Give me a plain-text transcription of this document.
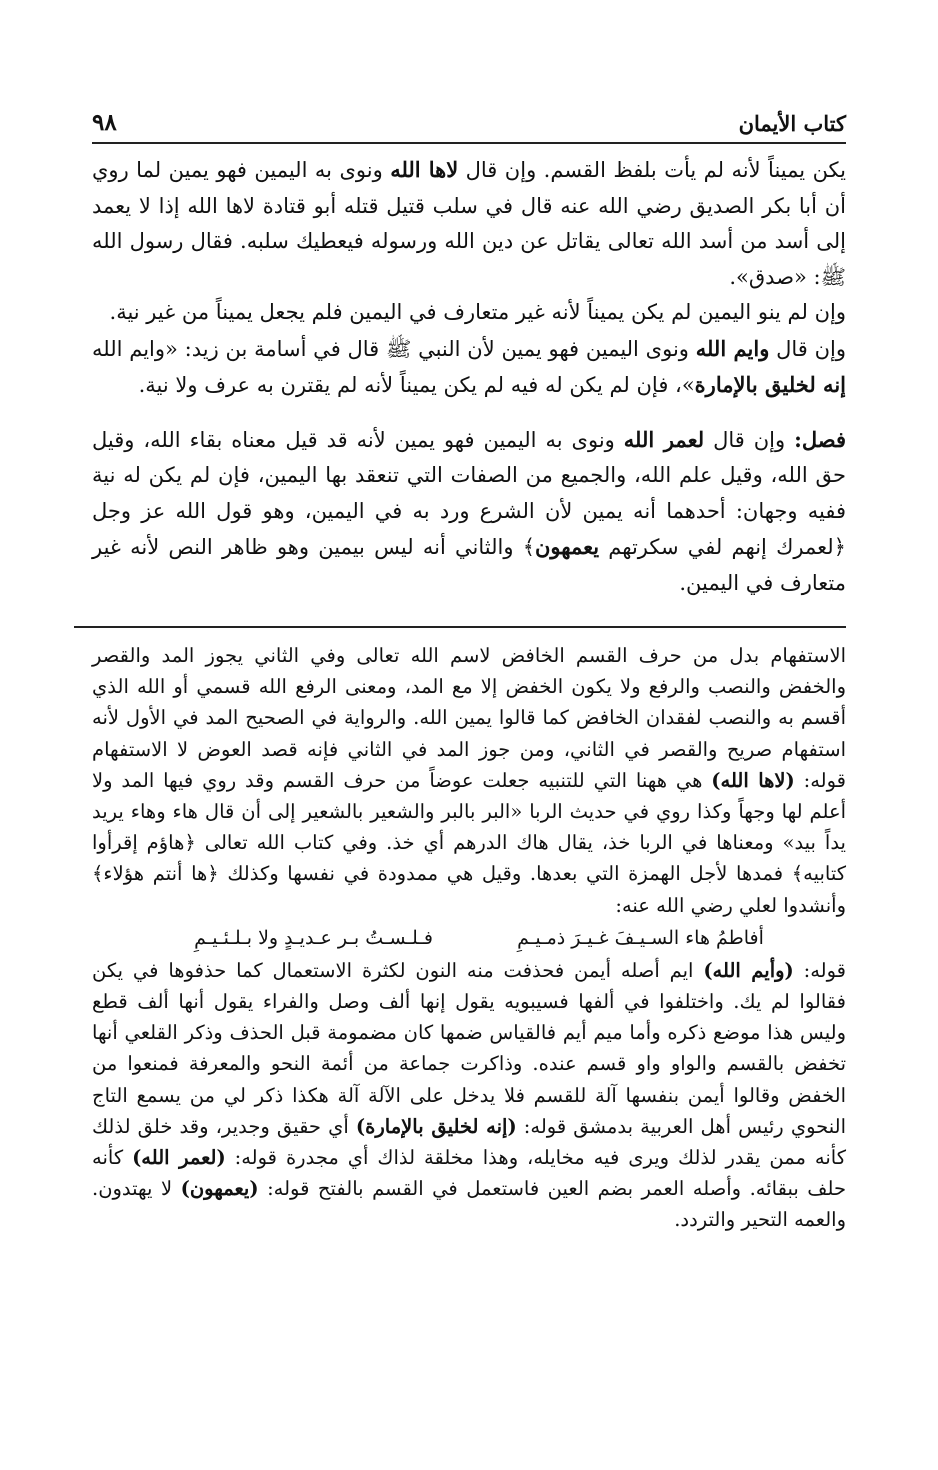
كتاب الأيمان
٩٨

يكن يميناً لأنه لم يأت بلفظ القسم. وإن قال لاها الله ونوى به اليمين فهو يمين لما روي أن أبا بكر الصديق رضي الله عنه قال في سلب قتيل قتله أبو قتادة لاها الله إذا لا يعمد إلى أسد من أسد الله تعالى يقاتل عن دين الله ورسوله فيعطيك سلبه. فقال رسول الله ﷺ: «صدق».

وإن لم ينو اليمين لم يكن يميناً لأنه غير متعارف في اليمين فلم يجعل يميناً من غير نية.

وإن قال وايم الله ونوى اليمين فهو يمين لأن النبي ﷺ قال في أسامة بن زيد: «وايم الله إنه لخليق بالإمارة»، فإن لم يكن له فيه لم يكن يميناً لأنه لم يقترن به عرف ولا نية.

فصل: وإن قال لعمر الله ونوى به اليمين فهو يمين لأنه قد قيل معناه بقاء الله، وقيل حق الله، وقيل علم الله، والجميع من الصفات التي تنعقد بها اليمين، فإن لم يكن له نية ففيه وجهان: أحدهما أنه يمين لأن الشرع ورد به في اليمين، وهو قول الله عز وجل ﴿لعمرك إنهم لفي سكرتهم يعمهون﴾ والثاني أنه ليس بيمين وهو ظاهر النص لأنه غير متعارف في اليمين.

الاستفهام بدل من حرف القسم الخافض لاسم الله تعالى وفي الثاني يجوز المد والقصر والخفض والنصب والرفع ولا يكون الخفض إلا مع المد، ومعنى الرفع الله قسمي أو الله الذي أقسم به والنصب لفقدان الخافض كما قالوا يمين الله. والرواية في الصحيح المد في الأول لأنه استفهام صريح والقصر في الثاني، ومن جوز المد في الثاني فإنه قصد العوض لا الاستفهام قوله: (لاها الله) هي ههنا التي للتنبيه جعلت عوضاً من حرف القسم وقد روي فيها المد ولا أعلم لها وجهاً وكذا روي في حديث الربا «البر بالبر والشعير بالشعير إلى أن قال هاء وهاء يريد يداً بيد» ومعناها في الربا خذ، يقال هاك الدرهم أي خذ. وفي كتاب الله تعالى ﴿هاؤم إقرأوا كتابيه﴾ فمدها لأجل الهمزة التي بعدها. وقيل هي ممدودة في نفسها وكذلك ﴿ها أنتم هؤلاء﴾ وأنشدوا لعلي رضي الله عنه:

أفاطمُ هاء السـيـفَ غـيـرَ ذمـيـمِ
فـلـسـتُ بـر عـديـدٍ ولا بـلـئـيـمِ

قوله: (وأيم الله) ايم أصله أيمن فحذفت منه النون لكثرة الاستعمال كما حذفوها في يكن فقالوا لم يك. واختلفوا في ألفها فسيبويه يقول إنها ألف وصل والفراء يقول أنها ألف قطع وليس هذا موضع ذكره وأما ميم أيم فالقياس ضمها كان مضمومة قبل الحذف وذكر القلعي أنها تخفض بالقسم والواو واو قسم عنده. وذاكرت جماعة من أئمة النحو والمعرفة فمنعوا من الخفض وقالوا أيمن بنفسها آلة للقسم فلا يدخل على الآلة آلة هكذا ذكر لي من يسمع التاج النحوي رئيس أهل العربية بدمشق قوله: (إنه لخليق بالإمارة) أي حقيق وجدير، وقد خلق لذلك كأنه ممن يقدر لذلك ويرى فيه مخايله، وهذا مخلقة لذاك أي مجدرة قوله: (لعمر الله) كأنه حلف ببقائه. وأصله العمر بضم العين فاستعمل في القسم بالفتح قوله: (يعمهون) لا يهتدون. والعمه التحير والتردد.
